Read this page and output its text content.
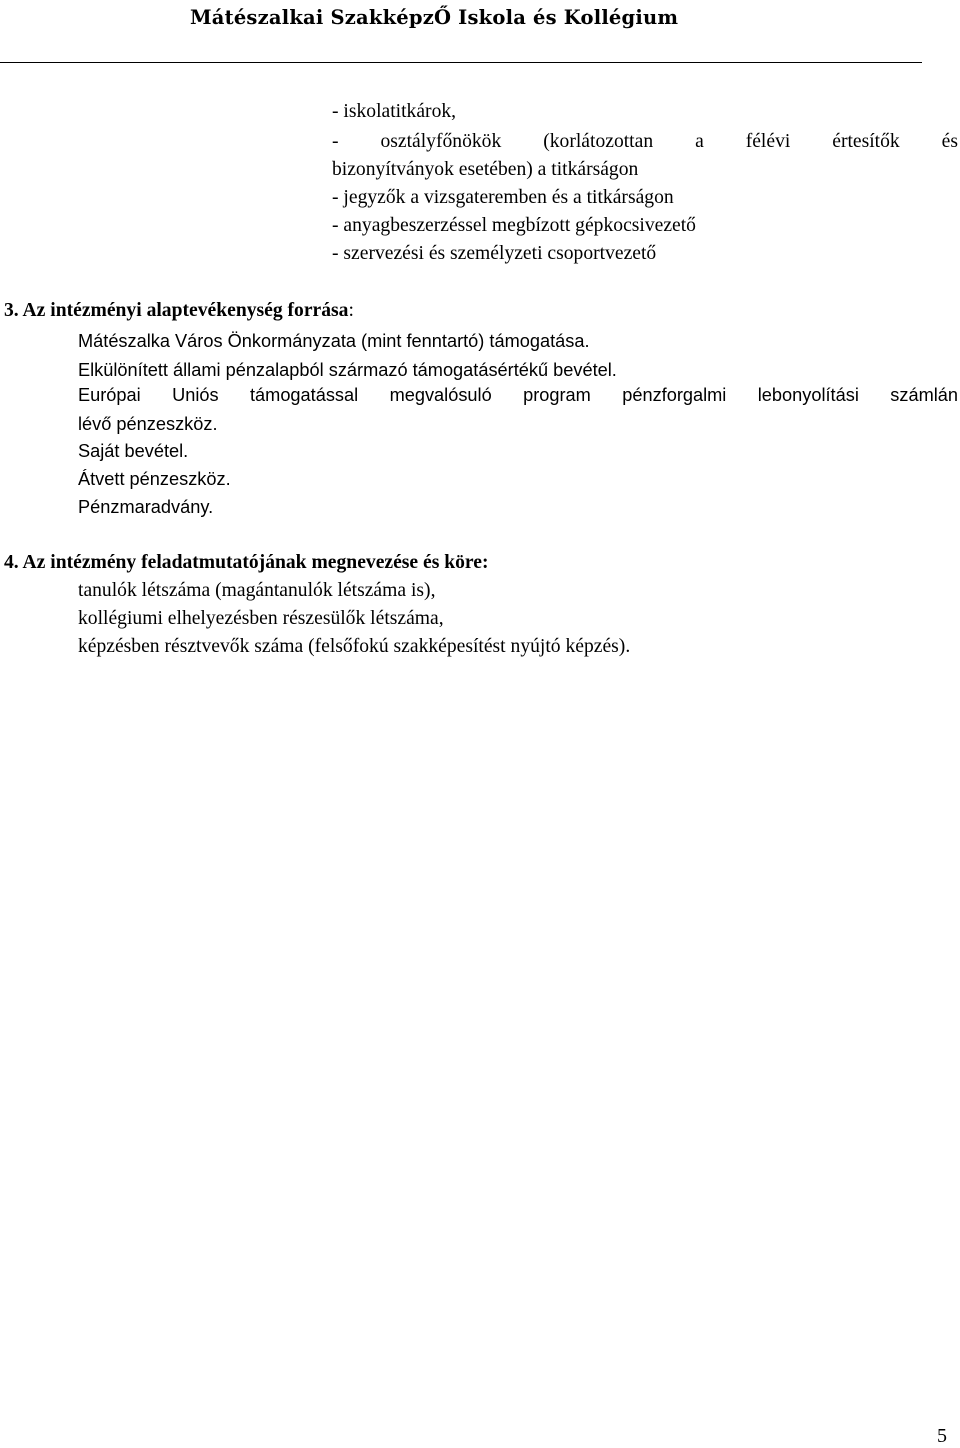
Mátészalkai SzakképzŐ Iskola és Kollégium
- iskolatitkárok,
- osztályfőnökök (korlátozottan a félévi értesítők és
bizonyítványok esetében) a titkárságon
- jegyzők a vizsgateremben és a titkárságon
- anyagbeszerzéssel megbízott gépkocsivezető
- szervezési és személyzeti csoportvezető
3. Az intézményi alaptevékenység forrása:
Mátészalka Város Önkormányzata (mint fenntartó) támogatása.
Elkülönített állami pénzalapból származó támogatásértékű bevétel.
Európai Uniós támogatással megvalósuló program pénzforgalmi lebonyolítási számlán
lévő pénzeszköz.
Saját bevétel.
Átvett pénzeszköz.
Pénzmaradvány.
4. Az intézmény feladatmutatójának megnevezése és köre:
tanulók létszáma (magántanulók létszáma is),
kollégiumi elhelyezésben részesülők létszáma,
képzésben résztvevők száma (felsőfokú szakképesítést nyújtó képzés).
5
